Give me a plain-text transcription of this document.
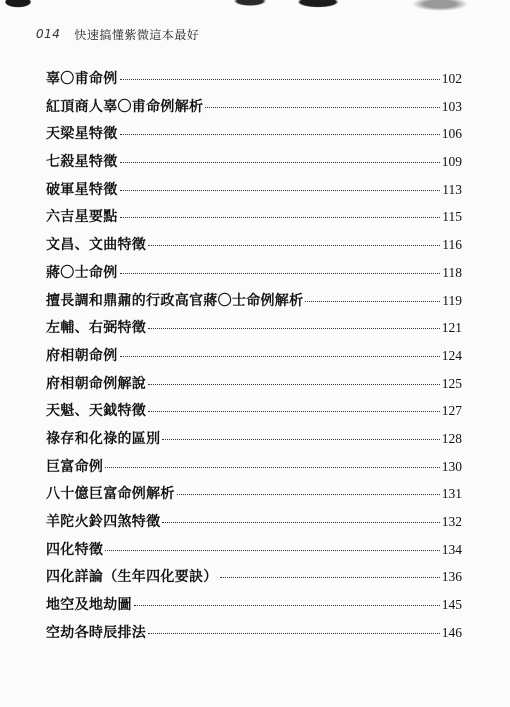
014 快速搞懂紫微這本最好
辜〇甫命例	102
紅頂商人辜〇甫命例解析	103
天梁星特徵	106
七殺星特徵	109
破軍星特徵	113
六吉星要點	115
文昌、文曲特徵	116
蔣〇士命例	118
擅長調和鼎鼐的行政高官蔣〇士命例解析	119
左輔、右弼特徵	121
府相朝命例	124
府相朝命例解說	125
天魁、天鉞特徵	127
祿存和化祿的區別	128
巨富命例	130
八十億巨富命例解析	131
羊陀火鈴四煞特徵	132
四化特徵	134
四化詳論（生年四化要訣）	136
地空及地劫圖	145
空劫各時辰排法	146
